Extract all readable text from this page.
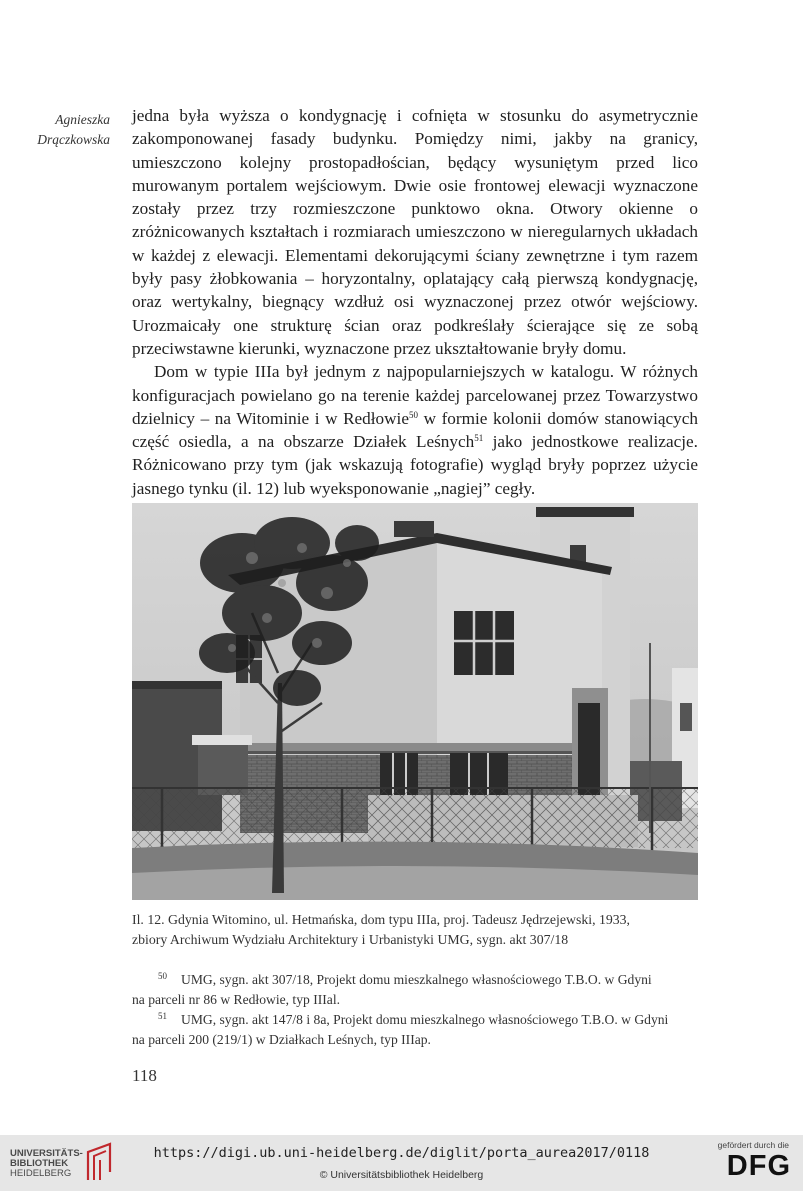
Agnieszka
Drączkowska

jedna była wyższa o kondygnację i cofnięta w stosunku do asymetrycznie zakomponowanej fasady budynku. Pomiędzy nimi, jakby na granicy, umieszczono kolejny prostopadłościan, będący wysuniętym przed lico murowanym portalem wejściowym. Dwie osie frontowej elewacji wyznaczone zostały przez trzy rozmieszczone punktowo okna. Otwory okienne o zróżnicowanych kształtach i rozmiarach umieszczono w nieregularnych układach w każdej z elewacji. Elementami dekorującymi ściany zewnętrzne i tym razem były pasy żłobkowania – horyzontalny, oplatający całą pierwszą kondygnację, oraz wertykalny, biegnący wzdłuż osi wyznaczonej przez otwór wejściowy. Urozmaicały one strukturę ścian oraz podkreślały ścierające się ze sobą przeciwstawne kierunki, wyznaczone przez ukształtowanie bryły domu.

Dom w typie IIIa był jednym z najpopularniejszych w katalogu. W różnych konfiguracjach powielano go na terenie każdej parcelowanej przez Towarzystwo dzielnicy – na Witominie i w Redłowie$^{50}$ w formie kolonii domów stanowiących część osiedla, a na obszarze Działek Leśnych$^{51}$ jako jednostkowe realizacje. Różnicowano przy tym (jak wskazują fotografie) wygląd bryły poprzez użycie jasnego tynku (il. 12) lub wyeksponowanie „nagiej” cegły.

Il. 12. Gdynia Witomino, ul. Hetmańska, dom typu IIIa, proj. Tadeusz Jędrzejewski, 1933,
zbiory Archiwum Wydziału Architektury i Urbanistyki UMG, sygn. akt 307/18

$^{50}$ UMG, sygn. akt 307/18, Projekt domu mieszkalnego własnościowego T.B.O. w Gdyni
na parceli nr 86 w Redłowie, typ IIIal.

$^{51}$ UMG, sygn. akt 147/8 i 8a, Projekt domu mieszkalnego własnościowego T.B.O. w Gdyni
na parceli 200 (219/1) w Działkach Leśnych, typ IIIap.

118
UNIVERSITÄTS-
BIBLIOTHEK
HEIDELBERG
https://digi.ub.uni-heidelberg.de/diglit/porta_aurea2017/0118
© Universitätsbibliothek Heidelberg
gefördert durch die
DFG
